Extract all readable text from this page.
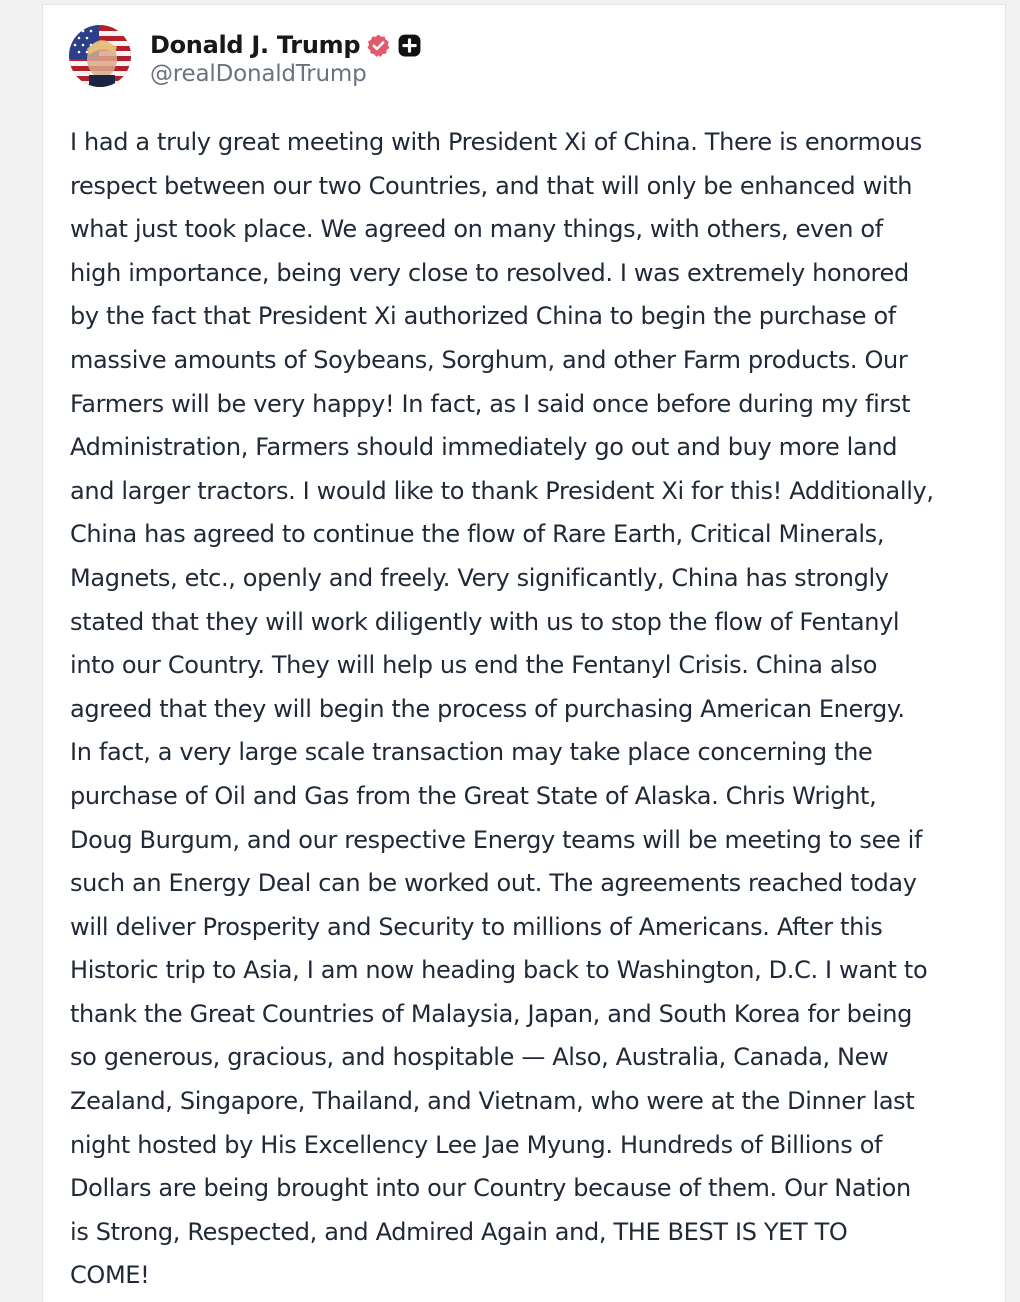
Donald J. Trump
@realDonaldTrump

I had a truly great meeting with President Xi of China. There is enormous
respect between our two Countries, and that will only be enhanced with
what just took place. We agreed on many things, with others, even of
high importance, being very close to resolved. I was extremely honored
by the fact that President Xi authorized China to begin the purchase of
massive amounts of Soybeans, Sorghum, and other Farm products. Our
Farmers will be very happy! In fact, as I said once before during my first
Administration, Farmers should immediately go out and buy more land
and larger tractors. I would like to thank President Xi for this! Additionally,
China has agreed to continue the flow of Rare Earth, Critical Minerals,
Magnets, etc., openly and freely. Very significantly, China has strongly
stated that they will work diligently with us to stop the flow of Fentanyl
into our Country. They will help us end the Fentanyl Crisis. China also
agreed that they will begin the process of purchasing American Energy.
In fact, a very large scale transaction may take place concerning the
purchase of Oil and Gas from the Great State of Alaska. Chris Wright,
Doug Burgum, and our respective Energy teams will be meeting to see if
such an Energy Deal can be worked out. The agreements reached today
will deliver Prosperity and Security to millions of Americans. After this
Historic trip to Asia, I am now heading back to Washington, D.C. I want to
thank the Great Countries of Malaysia, Japan, and South Korea for being
so generous, gracious, and hospitable — Also, Australia, Canada, New
Zealand, Singapore, Thailand, and Vietnam, who were at the Dinner last
night hosted by His Excellency Lee Jae Myung. Hundreds of Billions of
Dollars are being brought into our Country because of them. Our Nation
is Strong, Respected, and Admired Again and, THE BEST IS YET TO
COME!
